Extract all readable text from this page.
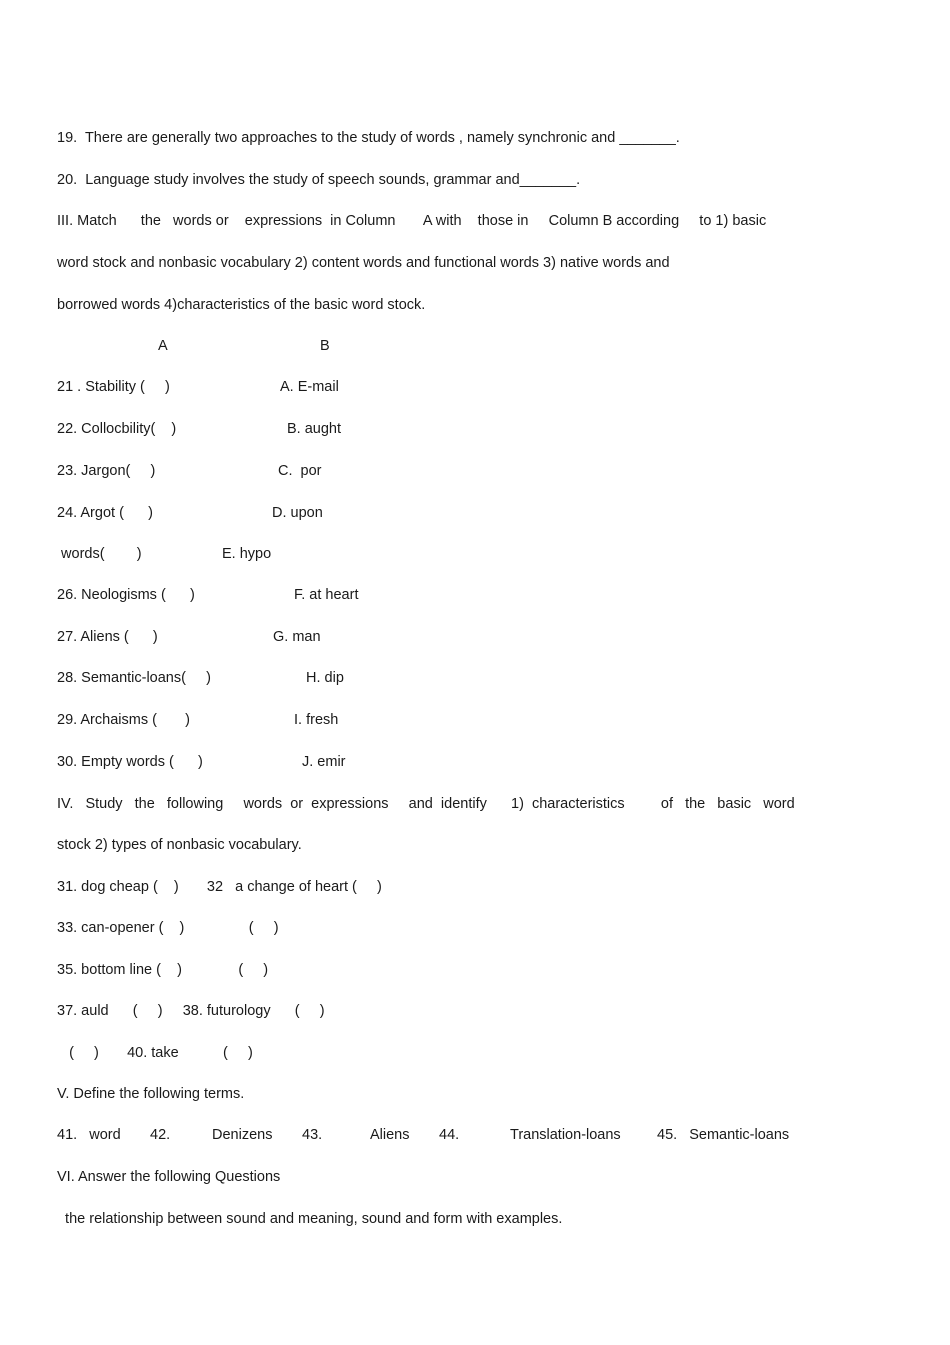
19.  There are generally two approaches to the study of words , namely synchronic and _______.
20.  Language study involves the study of speech sounds, grammar and_______.
III. Match      the   words or    expressions  in Column       A with    those in     Column B according     to 1) basic
word stock and nonbasic vocabulary 2) content words and functional words 3) native words and
borrowed words 4)characteristics of the basic word stock.
A	B
21 . Stability (     )	A. E-mail
22. Collocbility(    )	B. aught
23. Jargon(     )	C.  por
24. Argot (      )	D. upon
words(        )	E. hypo
26. Neologisms (      )	F. at heart
27. Aliens (      )	G. man
28. Semantic-loans(     )	H. dip
29. Archaisms (       )	I. fresh
30. Empty words (      )	J. emir
IV.   Study   the   following     words  or  expressions     and  identify      1)  characteristics         of   the   basic   word
stock 2) types of nonbasic vocabulary.
31. dog cheap (    )       32   a change of heart (     )
33. can-opener (    )                (     )
35. bottom line (    )              (     )
37. auld      (     )     38. futurology      (     )
(     )       40. take           (     )
V. Define the following terms.
41.   word 42.	Denizens 43.	Aliens 44.	Translation-loans	45.   Semantic-loans
VI. Answer the following Questions
the relationship between sound and meaning, sound and form with examples.
